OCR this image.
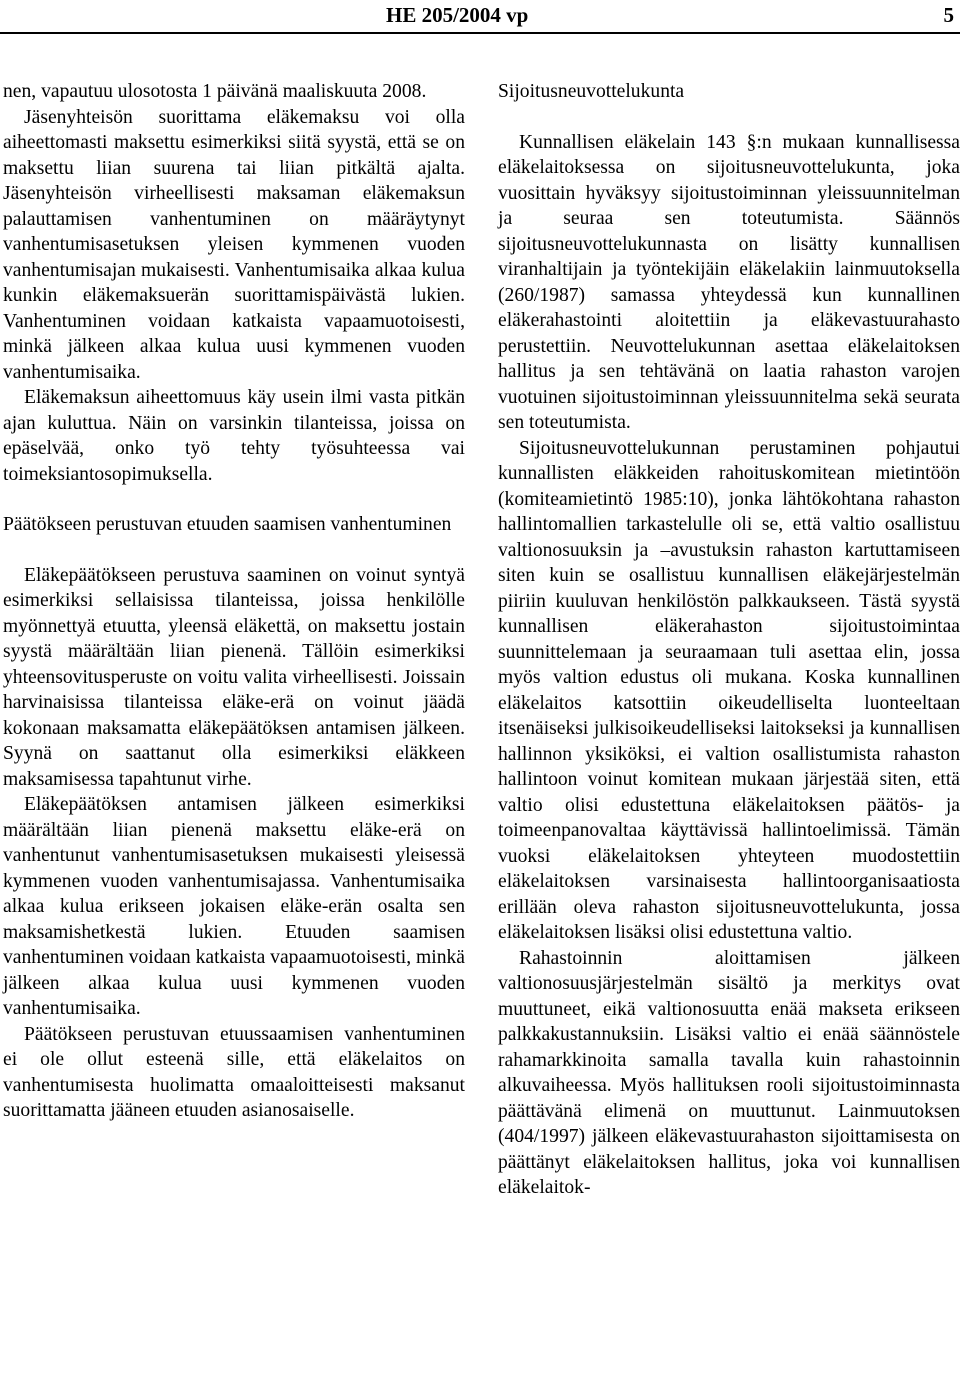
HE 205/2004 vp	5

nen, vapautuu ulosotosta 1 päivänä maaliskuuta 2008.

Jäsenyhteisön suorittama eläkemaksu voi olla aiheettomasti maksettu esimerkiksi siitä syystä, että se on maksettu liian suurena tai liian pitkältä ajalta. Jäsenyhteisön virheellisesti maksaman eläkemaksun palauttamisen vanhentuminen on määräytynyt vanhentumisasetuksen yleisen kymmenen vuoden vanhentumisajan mukaisesti. Vanhentumisaika alkaa kulua kunkin eläkemaksuerän suorittamispäivästä lukien. Vanhentuminen voidaan katkaista vapaamuotoisesti, minkä jälkeen alkaa kulua uusi kymmenen vuoden vanhentumisaika.

Eläkemaksun aiheettomuus käy usein ilmi vasta pitkän ajan kuluttua. Näin on varsinkin tilanteissa, joissa on epäselvää, onko työ tehty työsuhteessa vai toimeksiantosopimuksella.

Päätökseen perustuvan etuuden saamisen vanhentuminen

Eläkepäätökseen perustuva saaminen on voinut syntyä esimerkiksi sellaisissa tilanteissa, joissa henkilölle myönnettyä etuutta, yleensä eläkettä, on maksettu jostain syystä määrältään liian pienenä. Tällöin esimerkiksi yhteensovitusperuste on voitu valita virheellisesti. Joissain harvinaisissa tilanteissa eläke-erä on voinut jäädä kokonaan maksamatta eläkepäätöksen antamisen jälkeen. Syynä on saattanut olla esimerkiksi eläkkeen maksamisessa tapahtunut virhe.

Eläkepäätöksen antamisen jälkeen esimerkiksi määrältään liian pienenä maksettu eläke-erä on vanhentunut vanhentumisasetuksen mukaisesti yleisessä kymmenen vuoden vanhentumisajassa. Vanhentumisaika alkaa kulua erikseen jokaisen eläke-erän osalta sen maksamishetkestä lukien. Etuuden saamisen vanhentuminen voidaan katkaista vapaamuotoisesti, minkä jälkeen alkaa kulua uusi kymmenen vuoden vanhentumisaika.

Päätökseen perustuvan etuussaamisen vanhentuminen ei ole ollut esteenä sille, että eläkelaitos on vanhentumisesta huolimatta omaaloitteisesti maksanut suorittamatta jääneen etuuden asianosaiselle.

Sijoitusneuvottelukunta

Kunnallisen eläkelain 143 §:n mukaan kunnallisessa eläkelaitoksessa on sijoitusneuvottelukunta, joka vuosittain hyväksyy sijoitustoiminnan yleissuunnitelman ja seuraa sen toteutumista. Säännös sijoitusneuvottelukunnasta on lisätty kunnallisen viranhaltijain ja työntekijäin eläkelakiin lainmuutoksella (260/1987) samassa yhteydessä kun kunnallinen eläkerahastointi aloitettiin ja eläkevastuurahasto perustettiin. Neuvottelukunnan asettaa eläkelaitoksen hallitus ja sen tehtävänä on laatia rahaston varojen vuotuinen sijoitustoiminnan yleissuunnitelma sekä seurata sen toteutumista.

Sijoitusneuvottelukunnan perustaminen pohjautui kunnallisten eläkkeiden rahoituskomitean mietintöön (komiteamietintö 1985:10), jonka lähtökohtana rahaston hallintomallien tarkastelulle oli se, että valtio osallistuu valtionosuuksin ja –avustuksin rahaston kartuttamiseen siten kuin se osallistuu kunnallisen eläkejärjestelmän piiriin kuuluvan henkilöstön palkkaukseen. Tästä syystä kunnallisen eläkerahaston sijoitustoimintaa suunnittelemaan ja seuraamaan tuli asettaa elin, jossa myös valtion edustus oli mukana. Koska kunnallinen eläkelaitos katsottiin oikeudelliselta luonteeltaan itsenäiseksi julkisoikeudelliseksi laitokseksi ja kunnallisen hallinnon yksiköksi, ei valtion osallistumista rahaston hallintoon voinut komitean mukaan järjestää siten, että valtio olisi edustettuna eläkelaitoksen päätös- ja toimeenpanovaltaa käyttävissä hallintoelimissä. Tämän vuoksi eläkelaitoksen yhteyteen muodostettiin eläkelaitoksen varsinaisesta hallintoorganisaatiosta erillään oleva rahaston sijoitusneuvottelukunta, jossa eläkelaitoksen lisäksi olisi edustettuna valtio.

Rahastoinnin aloittamisen jälkeen valtionosuusjärjestelmän sisältö ja merkitys ovat muuttuneet, eikä valtionosuutta enää makseta erikseen palkkakustannuksiin. Lisäksi valtio ei enää säännöstele rahamarkkinoita samalla tavalla kuin rahastoinnin alkuvaiheessa. Myös hallituksen rooli sijoitustoiminnasta päättävänä elimenä on muuttunut. Lainmuutoksen (404/1997) jälkeen eläkevastuurahaston sijoittamisesta on päättänyt eläkelaitoksen hallitus, joka voi kunnallisen eläkelaitok-
